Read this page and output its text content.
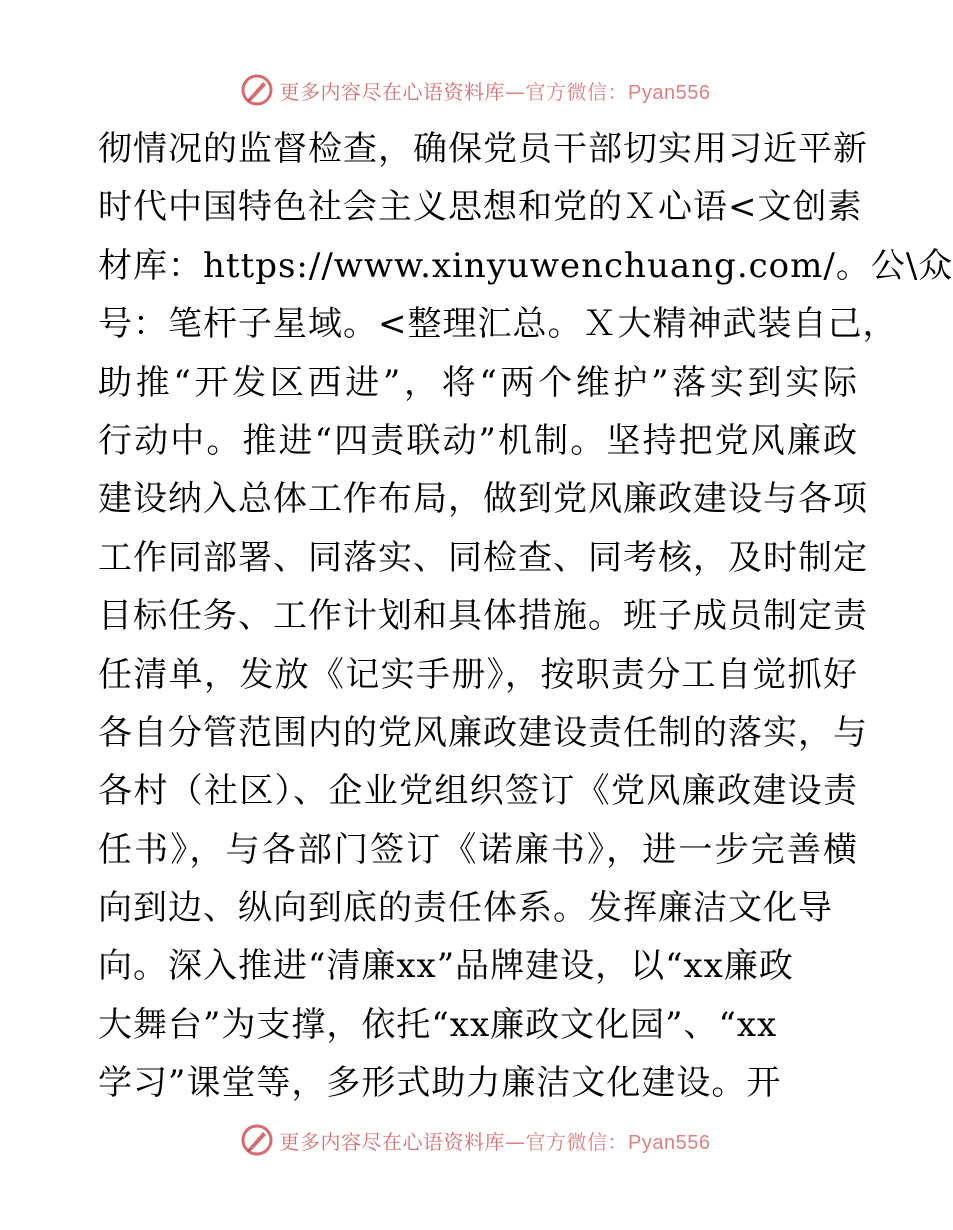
更多内容尽在心语资料库—官方微信：Pyan556
彻情况的监督检查，确保党员干部切实用习近平新
时代中国特色社会主义思想和党的Ｘ心语<文创素
材库：https://www.xinyuwenchuang.com/。公\众
号：笔杆子星域。<整理汇总。Ｘ大精神武装自己，
助推“开发区西进”，将“两个维护”落实到实际
行动中。推进“四责联动”机制。坚持把党风廉政
建设纳入总体工作布局，做到党风廉政建设与各项
工作同部署、同落实、同检查、同考核，及时制定
目标任务、工作计划和具体措施。班子成员制定责
任清单，发放《记实手册》，按职责分工自觉抓好
各自分管范围内的党风廉政建设责任制的落实，与
各村（社区）、企业党组织签订《党风廉政建设责
任书》，与各部门签订《诺廉书》，进一步完善横
向到边、纵向到底的责任体系。发挥廉洁文化导
向。深入推进“清廉xx”品牌建设，以“xx廉政
大舞台”为支撑，依托“xx廉政文化园”、“xx
学习”课堂等，多形式助力廉洁文化建设。开
更多内容尽在心语资料库—官方微信：Pyan556
